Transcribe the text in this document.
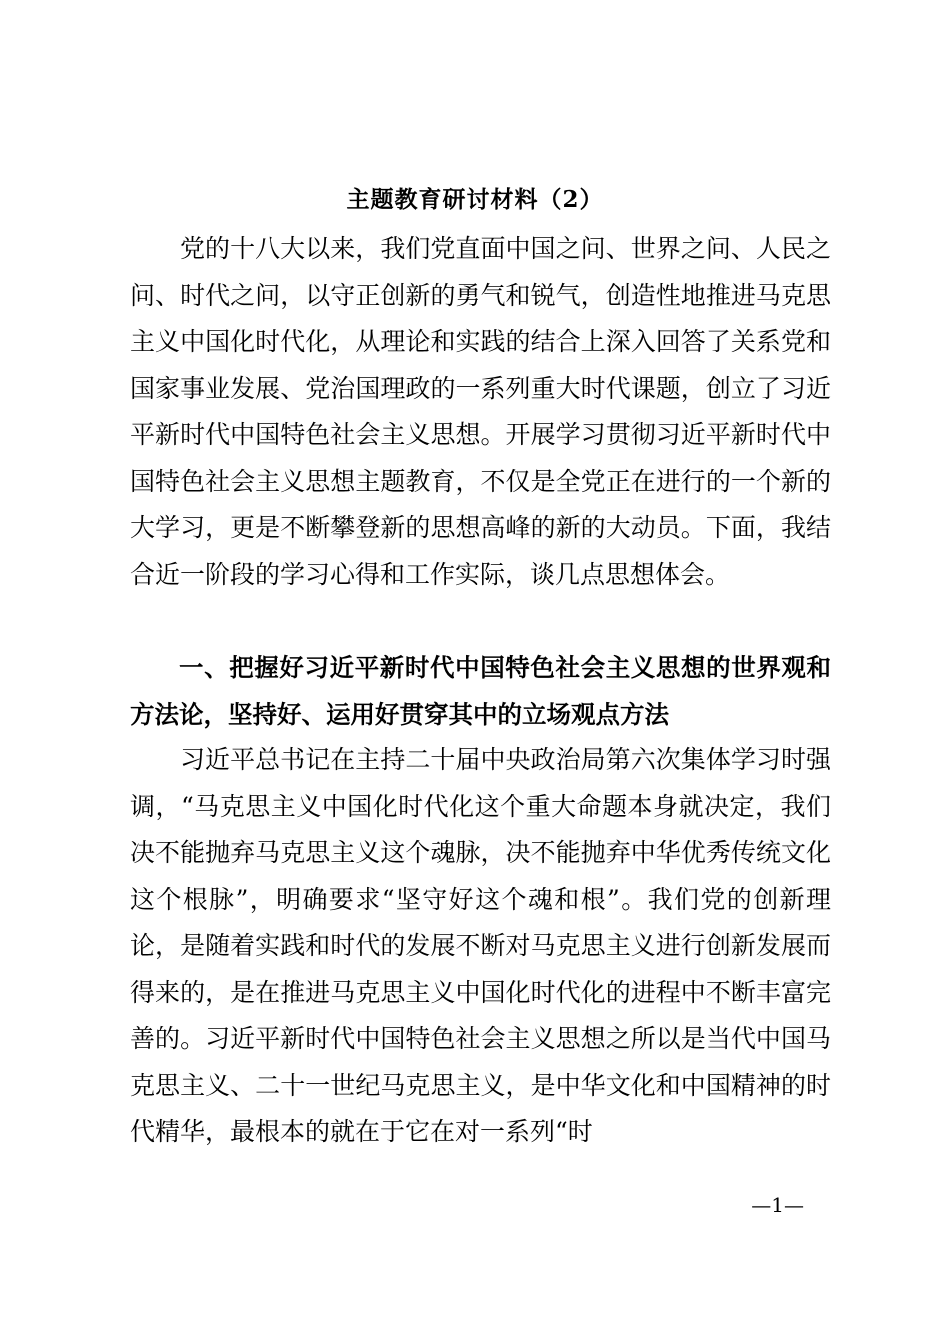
主题教育研讨材料（2）

党的十八大以来，我们党直面中国之问、世界之问、人民之问、时代之问，以守正创新的勇气和锐气，创造性地推进马克思主义中国化时代化，从理论和实践的结合上深入回答了关系党和国家事业发展、党治国理政的一系列重大时代课题，创立了习近平新时代中国特色社会主义思想。开展学习贯彻习近平新时代中国特色社会主义思想主题教育，不仅是全党正在进行的一个新的大学习，更是不断攀登新的思想高峰的新的大动员。下面，我结合近一阶段的学习心得和工作实际，谈几点思想体会。

一、把握好习近平新时代中国特色社会主义思想的世界观和方法论，坚持好、运用好贯穿其中的立场观点方法

习近平总书记在主持二十届中央政治局第六次集体学习时强调，“马克思主义中国化时代化这个重大命题本身就决定，我们决不能抛弃马克思主义这个魂脉，决不能抛弃中华优秀传统文化这个根脉”，明确要求“坚守好这个魂和根”。我们党的创新理论，是随着实践和时代的发展不断对马克思主义进行创新发展而得来的，是在推进马克思主义中国化时代化的进程中不断丰富完善的。习近平新时代中国特色社会主义思想之所以是当代中国马克思主义、二十一世纪马克思主义，是中华文化和中国精神的时代精华，最根本的就在于它在对一系列“时

—1—
